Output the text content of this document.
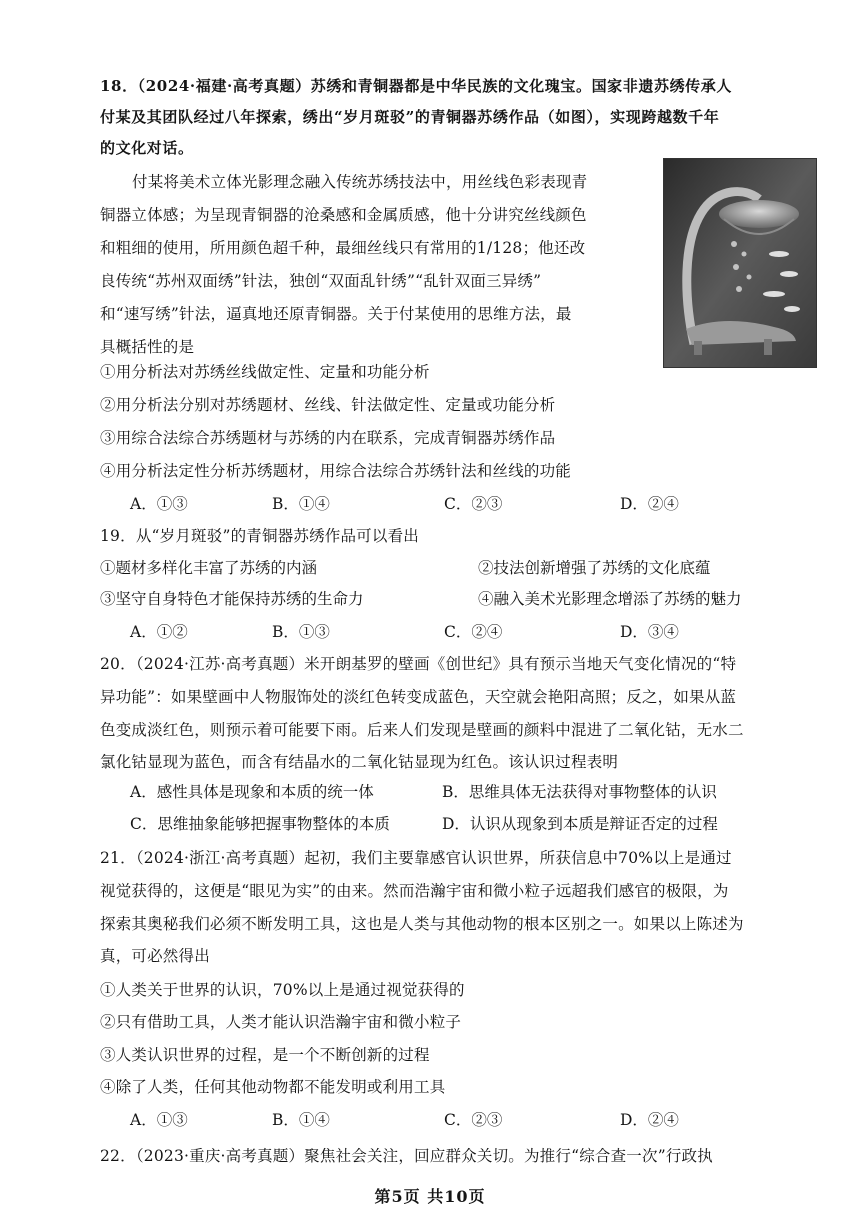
18．（2024·福建·高考真题）苏绣和青铜器都是中华民族的文化瑰宝。国家非遗苏绣传承人
付某及其团队经过八年探索，绣出“岁月斑驳”的青铜器苏绣作品（如图），实现跨越数千年
的文化对话。
付某将美术立体光影理念融入传统苏绣技法中，用丝线色彩表现青
铜器立体感；为呈现青铜器的沧桑感和金属质感，他十分讲究丝线颜色
和粗细的使用，所用颜色超千种，最细丝线只有常用的1/128；他还改
良传统“苏州双面绣”针法，独创“双面乱针绣”“乱针双面三异绣”
和“速写绣”针法，逼真地还原青铜器。关于付某使用的思维方法，最
具概括性的是
①用分析法对苏绣丝线做定性、定量和功能分析
②用分析法分别对苏绣题材、丝线、针法做定性、定量或功能分析
③用综合法综合苏绣题材与苏绣的内在联系，完成青铜器苏绣作品
④用分析法定性分析苏绣题材，用综合法综合苏绣针法和丝线的功能
A．①③	B．①④	C．②③	D．②④
19．从“岁月斑驳”的青铜器苏绣作品可以看出
①题材多样化丰富了苏绣的内涵	②技法创新增强了苏绣的文化底蕴
③坚守自身特色才能保持苏绣的生命力	④融入美术光影理念增添了苏绣的魅力
A．①②	B．①③	C．②④	D．③④
20．（2024·江苏·高考真题）米开朗基罗的壁画《创世纪》具有预示当地天气变化情况的“特
异功能”：如果壁画中人物服饰处的淡红色转变成蓝色，天空就会艳阳高照；反之，如果从蓝
色变成淡红色，则预示着可能要下雨。后来人们发现是壁画的颜料中混进了二氧化钴，无水二
氯化钴显现为蓝色，而含有结晶水的二氧化钴显现为红色。该认识过程表明
A．感性具体是现象和本质的统一体	B．思维具体无法获得对事物整体的认识
C．思维抽象能够把握事物整体的本质	D．认识从现象到本质是辩证否定的过程
21．（2024·浙江·高考真题）起初，我们主要靠感官认识世界，所获信息中70%以上是通过
视觉获得的，这便是“眼见为实”的由来。然而浩瀚宇宙和微小粒子远超我们感官的极限，为
探索其奥秘我们必须不断发明工具，这也是人类与其他动物的根本区别之一。如果以上陈述为
真，可必然得出
①人类关于世界的认识，70%以上是通过视觉获得的
②只有借助工具，人类才能认识浩瀚宇宙和微小粒子
③人类认识世界的过程，是一个不断创新的过程
④除了人类，任何其他动物都不能发明或利用工具
A．①③	B．①④	C．②③	D．②④
22．（2023·重庆·高考真题）聚焦社会关注，回应群众关切。为推行“综合查一次”行政执
第5页 共10页
